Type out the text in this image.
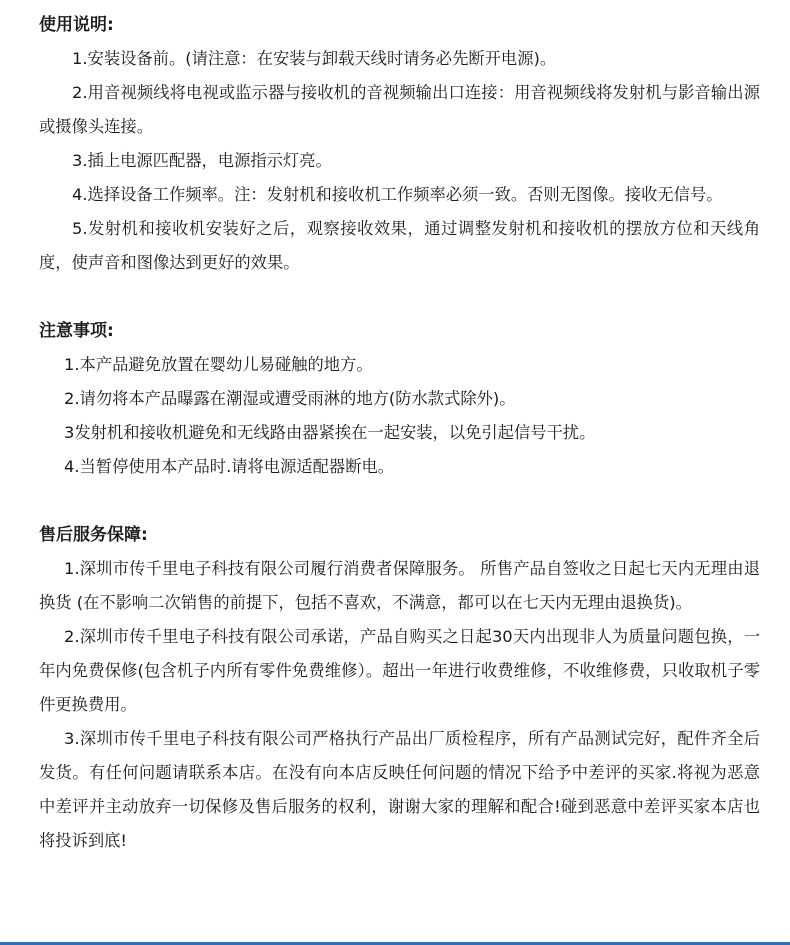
使用说明:

1.安装设备前。(请注意：在安装与卸载天线时请务必先断开电源)。

2.用音视频线将电视或监示器与接收机的音视频输出口连接：用音视频线将发射机与影音输出源或摄像头连接。

3.插上电源匹配器，电源指示灯亮。

4.选择设备工作频率。注：发射机和接收机工作频率必须一致。否则无图像。接收无信号。

5.发射机和接收机安装好之后，观察接收效果，通过调整发射机和接收机的摆放方位和天线角度，使声音和图像达到更好的效果。

注意事项:

1.本产品避免放置在婴幼儿易碰触的地方。

2.请勿将本产品曝露在潮湿或遭受雨淋的地方(防水款式除外)。

3发射机和接收机避免和无线路由器紧挨在一起安装，以免引起信号干扰。

4.当暂停使用本产品时.请将电源适配器断电。

售后服务保障:

1.深圳市传千里电子科技有限公司履行消费者保障服务。 所售产品自签收之日起七天内无理由退换货 (在不影响二次销售的前提下，包括不喜欢，不满意，都可以在七天内无理由退换货)。

2.深圳市传千里电子科技有限公司承诺，产品自购买之日起30天内出现非人为质量问题包换，一年内免费保修(包含机子内所有零件免费维修）。超出一年进行收费维修，不收维修费，只收取机子零件更换费用。

3.深圳市传千里电子科技有限公司严格执行产品出厂质检程序，所有产品测试完好，配件齐全后发货。有任何问题请联系本店。在没有向本店反映任何问题的情况下给予中差评的买家.将视为恶意中差评并主动放弃一切保修及售后服务的权利，谢谢大家的理解和配合!碰到恶意中差评买家本店也将投诉到底!
